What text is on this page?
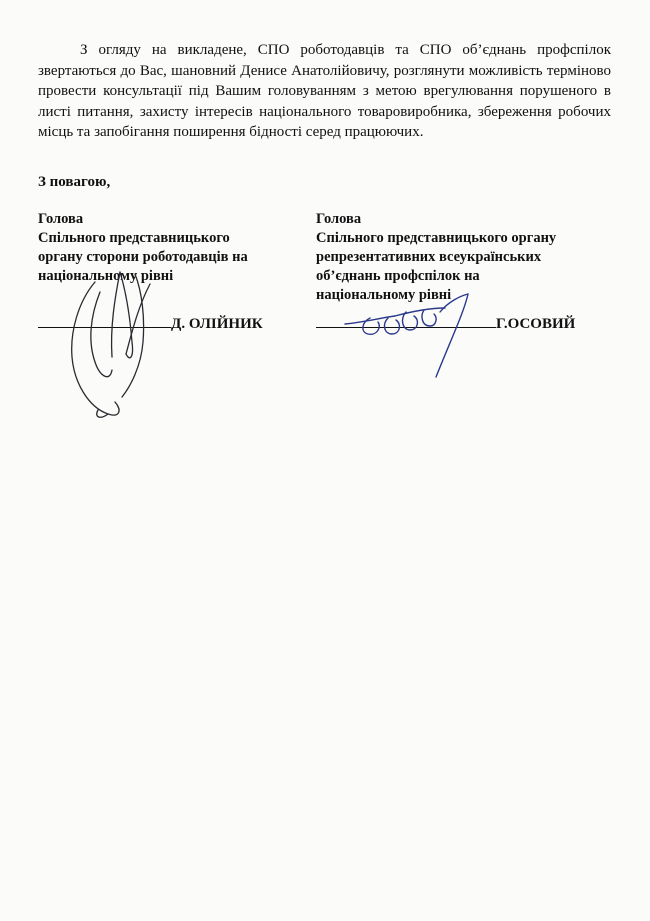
З огляду на викладене, СПО роботодавців та СПО об’єднань профспілок звертаються до Вас, шановний Денисе Анатолійовичу, розглянути можливість терміново провести консультації під Вашим головуванням з метою врегулювання порушеного в листі питання, захисту інтересів національного товаровиробника, збереження робочих місць та запобігання поширення бідності серед працюючих.

З повагою,

Голова
Спільного представницького
органу сторони роботодавців на
національному рівні
Голова
Спільного представницького органу
репрезентативних всеукраїнських
об’єднань профспілок на
національному рівні
Д. ОЛІЙНИК	Г.ОСОВИЙ
